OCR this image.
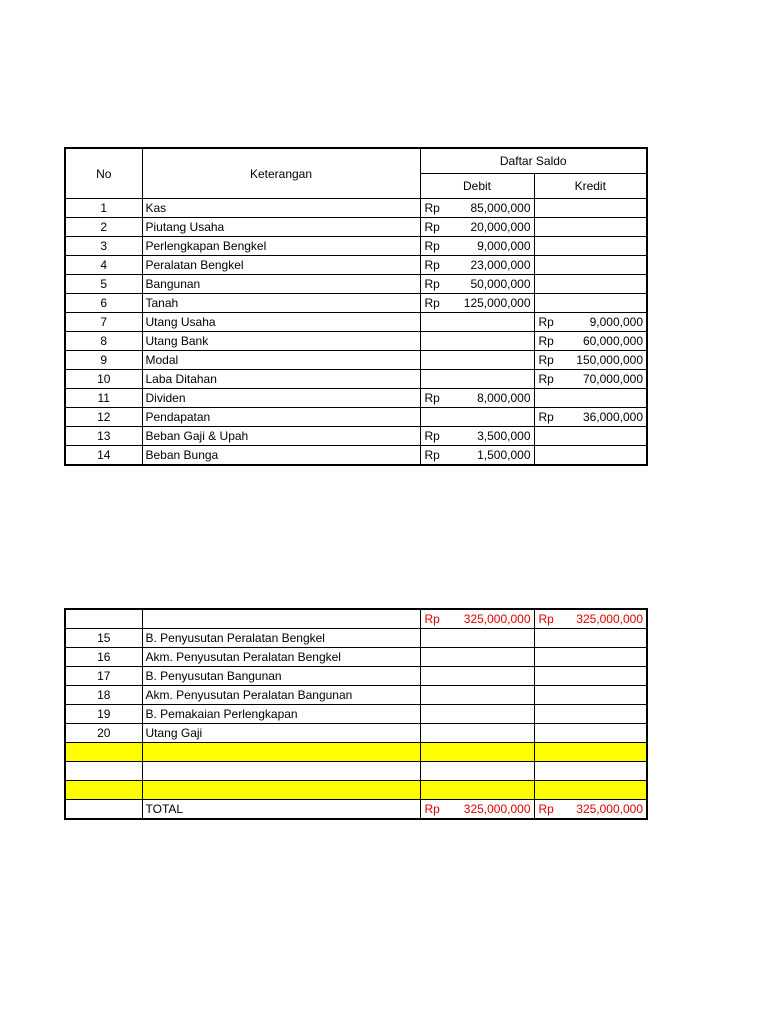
No	Keterangan	Daftar Saldo	
		Debit	Kredit
1	Kas	Rp 85,000,000	

2	Piutang Usaha	Rp 20,000,000	

3	Perlengkapan Bengkel	Rp 9,000,000	

4	Peralatan Bengkel	Rp 23,000,000	

5	Bangunan	Rp 50,000,000	

6	Tanah	Rp 125,000,000	

7	Utang Usaha		Rp 9,000,000

8	Utang Bank		Rp 60,000,000

9	Modal		Rp 150,000,000

10	Laba Ditahan		Rp 70,000,000

11	Dividen	Rp 8,000,000	

12	Pendapatan		Rp 36,000,000

13	Beban Gaji & Upah	Rp 3,500,000	

14	Beban Bunga	Rp 1,500,000	

		Rp 325,000,000	Rp 325,000,000

15	B. Penyusutan Peralatan Bengkel		
16	Akm. Penyusutan Peralatan Bengkel		
17	B. Penyusutan Bangunan		
18	Akm. Penyusutan Peralatan Bangunan		
19	B. Pemakaian Perlengkapan		
20	Utang Gaji		

	TOTAL	Rp 325,000,000	Rp 325,000,000
